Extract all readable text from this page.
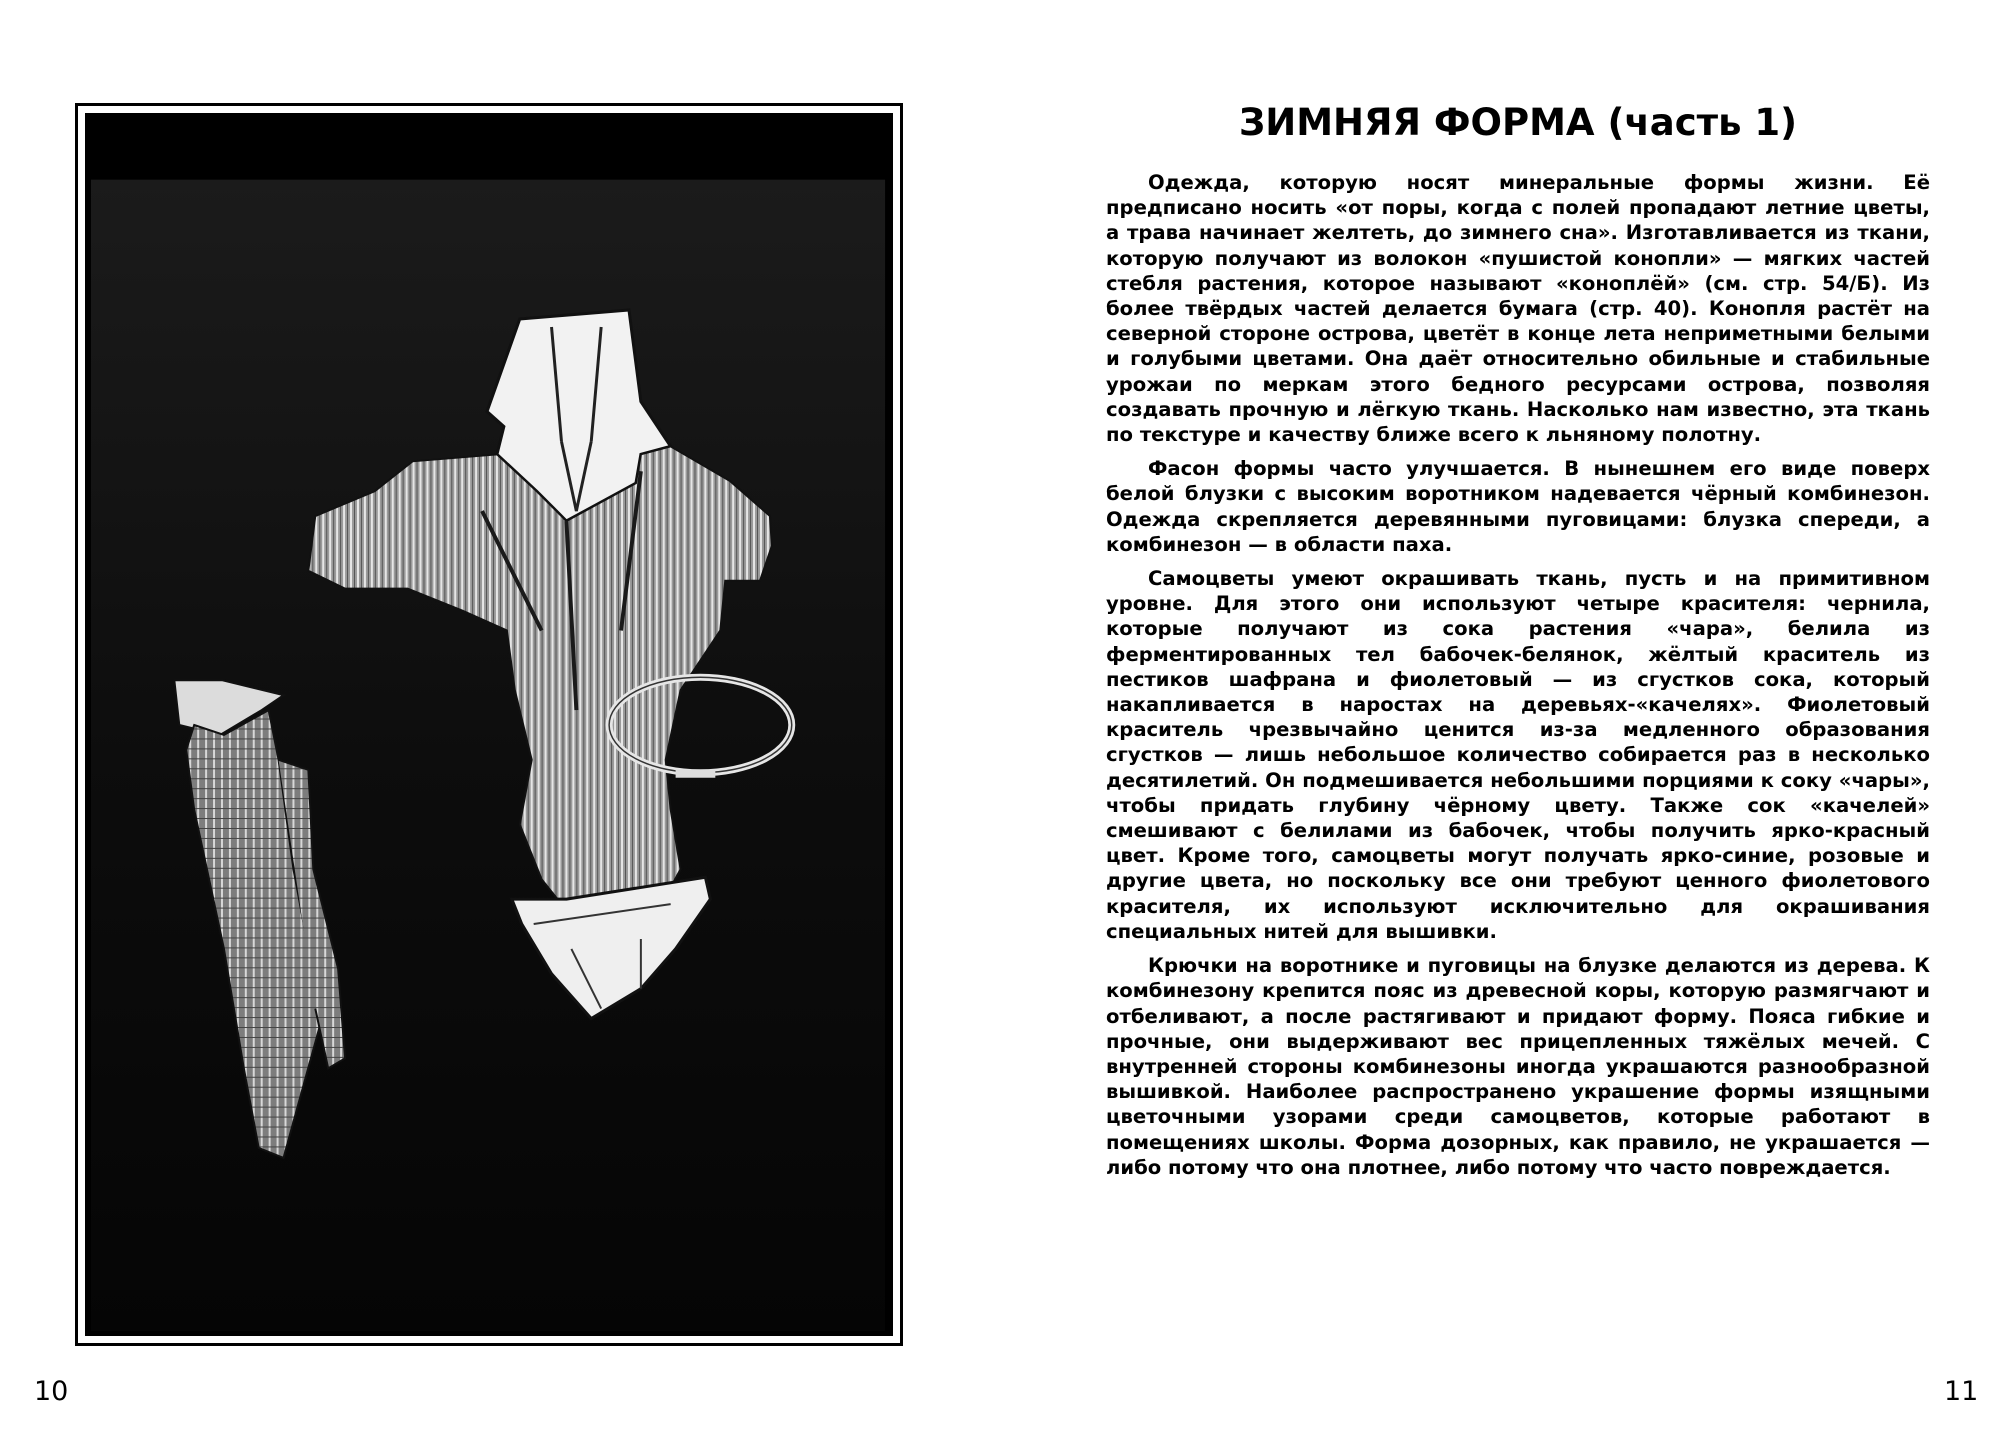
ЗИМНЯЯ ФОРМА (часть 1)

Одежда, которую носят минеральные формы жизни. Её предписано носить «от поры, когда с полей пропадают летние цветы, а трава начинает желтеть, до зимнего сна». Изготавливается из ткани, которую получают из волокон «пушистой конопли» — мягких частей стебля растения, которое называют «коноплёй» (см. стр. 54/Б). Из более твёрдых частей делается бумага (стр. 40). Конопля растёт на северной стороне острова, цветёт в конце лета неприметными белыми и голубыми цветами. Она даёт относительно обильные и стабильные урожаи по меркам этого бедного ресурсами острова, позволяя создавать прочную и лёгкую ткань. Насколько нам известно, эта ткань по текстуре и качеству ближе всего к льняному полотну.

Фасон формы часто улучшается. В нынешнем его виде поверх белой блузки с высоким воротником надевается чёрный комбинезон. Одежда скрепляется деревянными пуговицами: блузка спереди, а комбинезон — в области паха.

Самоцветы умеют окрашивать ткань, пусть и на примитивном уровне. Для этого они используют четыре красителя: чернила, которые получают из сока растения «чара», белила из ферментированных тел бабочек-белянок, жёлтый краситель из пестиков шафрана и фиолетовый — из сгустков сока, который накапливается в наростах на деревьях-«качелях». Фиолетовый краситель чрезвычайно ценится из-за медленного образования сгустков — лишь небольшое количество собирается раз в несколько десятилетий. Он подмешивается небольшими порциями к соку «чары», чтобы придать глубину чёрному цвету. Также сок «качелей» смешивают с белилами из бабочек, чтобы получить ярко-красный цвет. Кроме того, самоцветы могут получать ярко-синие, розовые и другие цвета, но поскольку все они требуют ценного фиолетового красителя, их используют исключительно для окрашивания специальных нитей для вышивки.

Крючки на воротнике и пуговицы на блузке делаются из дерева. К комбинезону крепится пояс из древесной коры, которую размягчают и отбеливают, а после растягивают и придают форму. Пояса гибкие и прочные, они выдерживают вес прицепленных тяжёлых мечей. С внутренней стороны комбинезоны иногда украшаются разнообразной вышивкой. Наиболее распространено украшение формы изящными цветочными узорами среди самоцветов, которые работают в помещениях школы. Форма дозорных, как правило, не украшается — либо потому что она плотнее, либо потому что часто повреждается.

10	11
